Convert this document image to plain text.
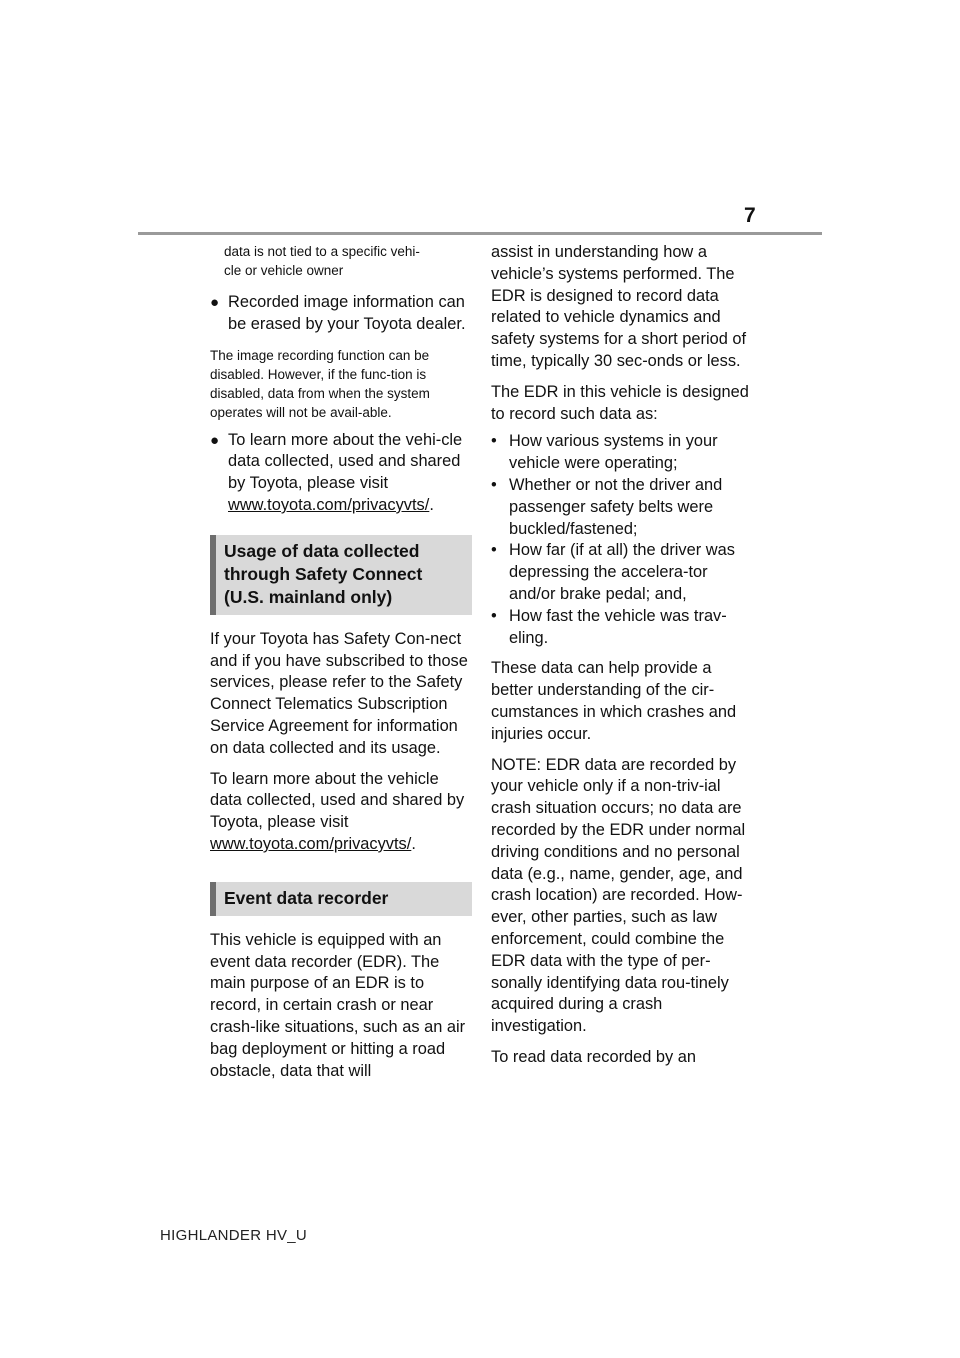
7

data is not tied to a specific vehi-
cle or vehicle owner

● Recorded image information can be erased by your Toyota dealer.

The image recording function can be disabled. However, if the func-tion is disabled, data from when the system operates will not be avail-able.

● To learn more about the vehi-cle data collected, used and shared by Toyota, please visit www.toyota.com/privacyvts/.
Usage of data collected through Safety Connect (U.S. mainland only)

If your Toyota has Safety Con-nect and if you have subscribed to those services, please refer to the Safety Connect Telematics Subscription Service Agreement for information on data collected and its usage.

To learn more about the vehicle data collected, used and shared by Toyota, please visit www.toyota.com/privacyvts/.

Event data recorder

This vehicle is equipped with an event data recorder (EDR). The main purpose of an EDR is to record, in certain crash or near crash-like situations, such as an air bag deployment or hitting a road obstacle, data that will

assist in understanding how a vehicle’s systems performed. The EDR is designed to record data related to vehicle dynamics and safety systems for a short period of time, typically 30 sec-onds or less.

The EDR in this vehicle is designed to record such data as:

• How various systems in your vehicle were operating;
• Whether or not the driver and passenger safety belts were buckled/fastened;
• How far (if at all) the driver was depressing the accelera-tor and/or brake pedal; and,
• How fast the vehicle was trav-eling.

These data can help provide a better understanding of the cir-cumstances in which crashes and injuries occur.

NOTE: EDR data are recorded by your vehicle only if a non-triv-ial crash situation occurs; no data are recorded by the EDR under normal driving conditions and no personal data (e.g., name, gender, age, and crash location) are recorded. How-ever, other parties, such as law enforcement, could combine the EDR data with the type of per-sonally identifying data rou-tinely acquired during a crash investigation.

To read data recorded by an

HIGHLANDER HV_U
